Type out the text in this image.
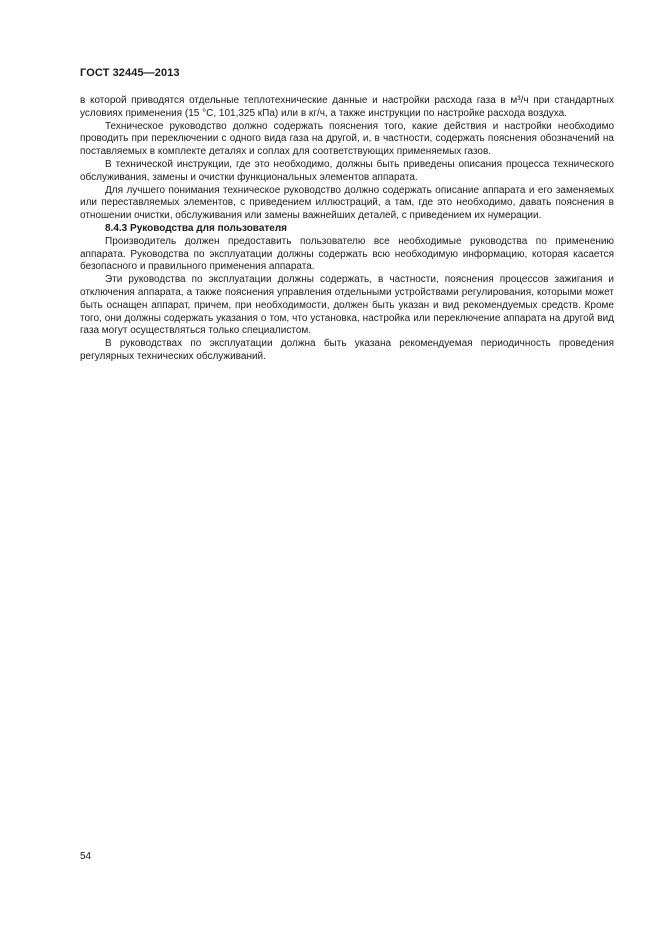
ГОСТ 32445—2013

в которой приводятся отдельные теплотехнические данные и настройки расхода газа в м³/ч при стандартных условиях применения (15 °С, 101,325 кПа) или в кг/ч, а также инструкции по настройке расхода воздуха.

Техническое руководство должно содержать пояснения того, какие действия и настройки необходимо проводить при переключении с одного вида газа на другой, и, в частности, содержать пояснения обозначений на поставляемых в комплекте деталях и соплах для соответствующих применяемых газов.

В технической инструкции, где это необходимо, должны быть приведены описания процесса технического обслуживания, замены и очистки функциональных элементов аппарата.

Для лучшего понимания техническое руководство должно содержать описание аппарата и его заменяемых или переставляемых элементов, с приведением иллюстраций, а там, где это необходимо, давать пояснения в отношении очистки, обслуживания или замены важнейших деталей, с приведением их нумерации.

8.4.3 Руководства для пользователя

Производитель должен предоставить пользователю все необходимые руководства по применению аппарата. Руководства по эксплуатации должны содержать всю необходимую информацию, которая касается безопасного и правильного применения аппарата.

Эти руководства по эксплуатации должны содержать, в частности, пояснения процессов зажигания и отключения аппарата, а также пояснения управления отдельными устройствами регулирования, которыми может быть оснащен аппарат, причем, при необходимости, должен быть указан и вид рекомендуемых средств. Кроме того, они должны содержать указания о том, что установка, настройка или переключение аппарата на другой вид газа могут осуществляться только специалистом.

В руководствах по эксплуатации должна быть указана рекомендуемая периодичность проведения регулярных технических обслуживаний.

54
